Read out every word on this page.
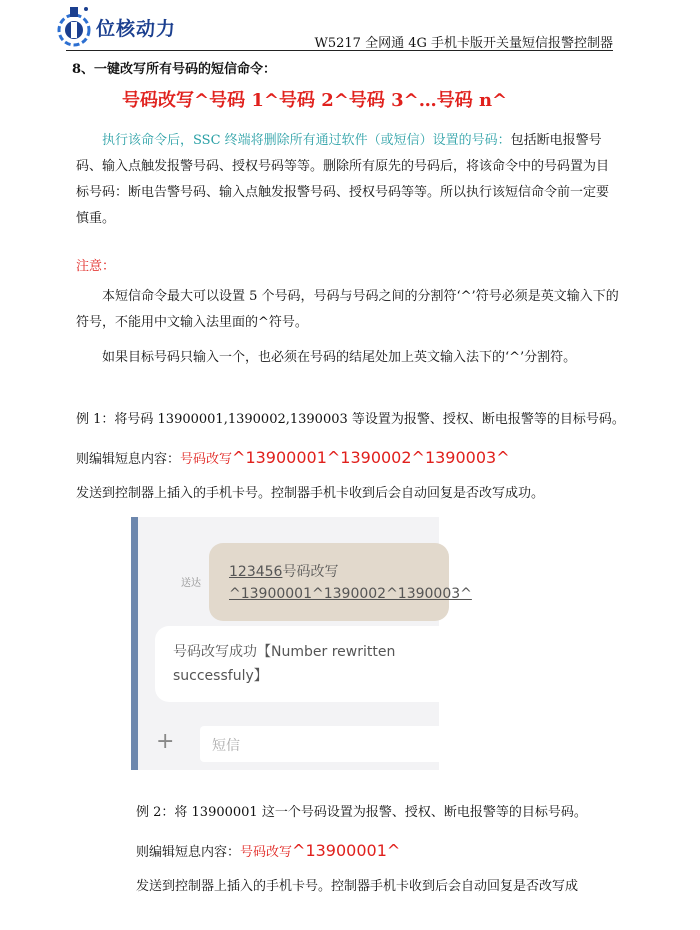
位核动力
W5217 全网通 4G 手机卡版开关量短信报警控制器
8、一键改写所有号码的短信命令：
号码改写^号码 1^号码 2^号码 3^…号码 n^
执行该命令后，SSC 终端将删除所有通过软件（或短信）设置的号码：包括断电报警号码、输入点触发报警号码、授权号码等等。删除所有原先的号码后，将该命令中的号码置为目标号码：断电告警号码、输入点触发报警号码、授权号码等等。所以执行该短信命令前一定要慎重。
注意：
本短信命令最大可以设置 5 个号码，号码与号码之间的分割符‘^’符号必须是英文输入下的符号，不能用中文输入法里面的^符号。
如果目标号码只输入一个，也必须在号码的结尾处加上英文输入法下的‘^’分割符。
例 1：将号码 13900001,1390002,1390003 等设置为报警、授权、断电报警等的目标号码。
则编辑短息内容：号码改写^13900001^1390002^1390003^
发送到控制器上插入的手机卡号。控制器手机卡收到后会自动回复是否改写成功。
送达
123456号码改写
^13900001^1390002^1390003^
号码改写成功【Number rewritten successfuly】
+	短信
例 2：将 13900001 这一个号码设置为报警、授权、断电报警等的目标号码。
则编辑短息内容：号码改写^13900001^
发送到控制器上插入的手机卡号。控制器手机卡收到后会自动回复是否改写成
